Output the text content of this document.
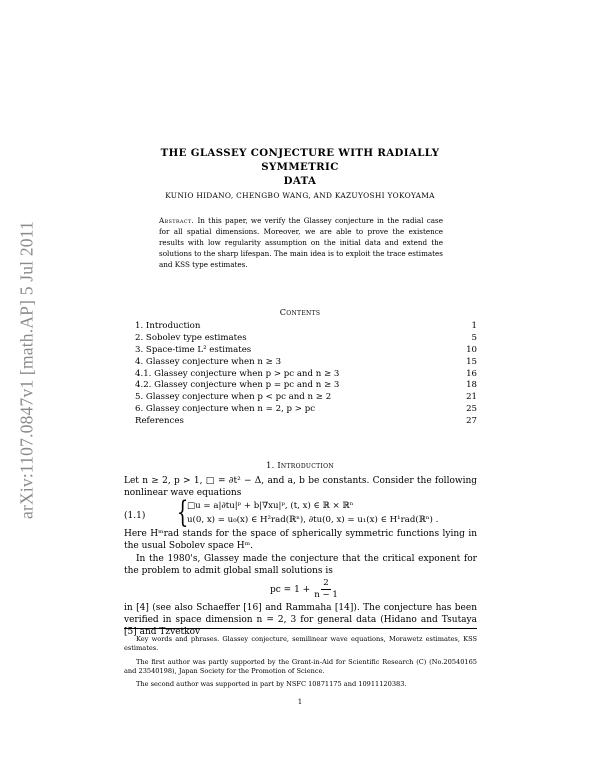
arXiv:1107.0847v1 [math.AP] 5 Jul 2011
THE GLASSEY CONJECTURE WITH RADIALLY SYMMETRIC
DATA
KUNIO HIDANO, CHENGBO WANG, AND KAZUYOSHI YOKOYAMA
Abstract. In this paper, we verify the Glassey conjecture in the radial case for all spatial dimensions. Moreover, we are able to prove the existence results with low regularity assumption on the initial data and extend the solutions to the sharp lifespan. The main idea is to exploit the trace estimates and KSS type estimates.
Contents
1. Introduction	1
2. Sobolev type estimates	5
3. Space-time L² estimates	10
4. Glassey conjecture when n ≥ 3	15
4.1. Glassey conjecture when p > pc and n ≥ 3	16
4.2. Glassey conjecture when p = pc and n ≥ 3	18
5. Glassey conjecture when p < pc and n ≥ 2	21
6. Glassey conjecture when n = 2, p > pc	25
References	27
1. Introduction
Let n ≥ 2, p > 1, □ = ∂t² − Δ, and a, b be constants. Consider the following nonlinear wave equations
(1.1) {
□u = a|∂tu|ᵖ + b|∇xu|ᵖ, (t, x) ∈ ℝ × ℝⁿ
u(0, x) = u₀(x) ∈ H²rad(ℝⁿ), ∂tu(0, x) = u₁(x) ∈ H¹rad(ℝⁿ) .
Here Hᵐrad stands for the space of spherically symmetric functions lying in the usual Sobolev space Hᵐ.
In the 1980's, Glassey made the conjecture that the critical exponent for the problem to admit global small solutions is
pc = $1 + \frac{2}{n - 1}$
in [4] (see also Schaeffer [16] and Rammaha [14]). The conjecture has been verified in space dimension n = 2, 3 for general data (Hidano and Tsutaya [5] and Tzvetkov
Key words and phrases. Glassey conjecture, semilinear wave equations, Morawetz estimates, KSS estimates.
The first author was partly supported by the Grant-in-Aid for Scientific Research (C) (No.20540165 and 23540198), Japan Society for the Promotion of Science.
The second author was supported in part by NSFC 10871175 and 10911120383.
1
